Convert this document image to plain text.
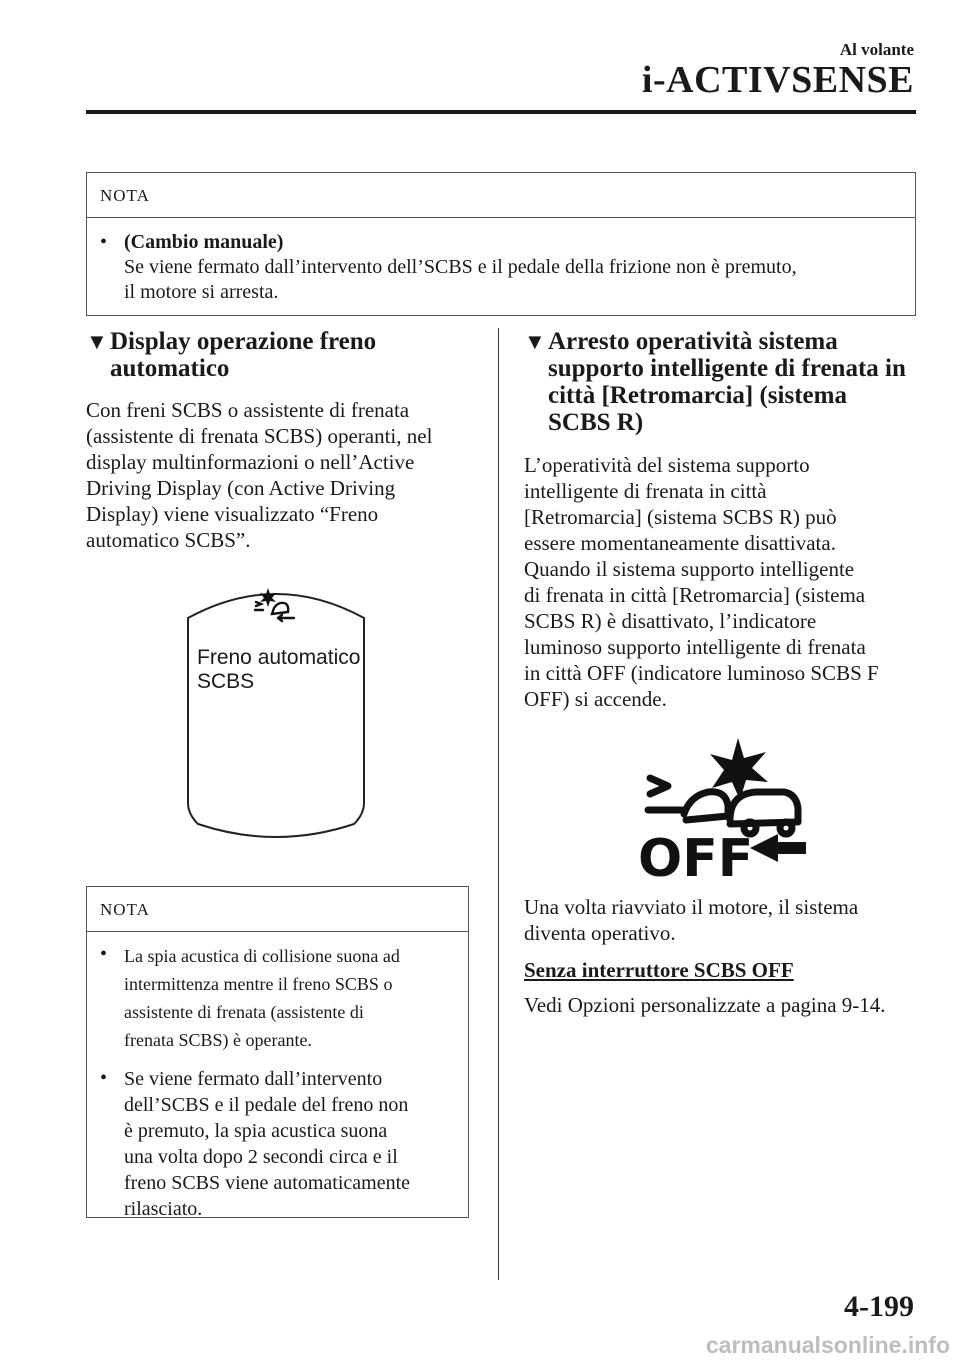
Al volante
i-ACTIVSENSE
NOTA
• (Cambio manuale)
Se viene fermato dall’intervento dell’SCBS e il pedale della frizione non è premuto,
il motore si arresta.
▼ Display operazione freno
automatico
Con freni SCBS o assistente di frenata
(assistente di frenata SCBS) operanti, nel
display multinformazioni o nell’Active
Driving Display (con Active Driving
Display) viene visualizzato “Freno
automatico SCBS”.
Freno automatico
SCBS
NOTA
• La spia acustica di collisione suona ad
intermittenza mentre il freno SCBS o
assistente di frenata (assistente di
frenata SCBS) è operante.
• Se viene fermato dall’intervento
dell’SCBS e il pedale del freno non
è premuto, la spia acustica suona
una volta dopo 2 secondi circa e il
freno SCBS viene automaticamente
rilasciato.
▼ Arresto operatività sistema
supporto intelligente di frenata in
città [Retromarcia] (sistema
SCBS R)
L’operatività del sistema supporto
intelligente di frenata in città
[Retromarcia] (sistema SCBS R) può
essere momentaneamente disattivata.
Quando il sistema supporto intelligente
di frenata in città [Retromarcia] (sistema
SCBS R) è disattivato, l’indicatore
luminoso supporto intelligente di frenata
in città OFF (indicatore luminoso SCBS F
OFF) si accende.
OFF
Una volta riavviato il motore, il sistema
diventa operativo.
Senza interruttore SCBS OFF
Vedi Opzioni personalizzate a pagina 9-14.
4-199
carmanualsonline.info
